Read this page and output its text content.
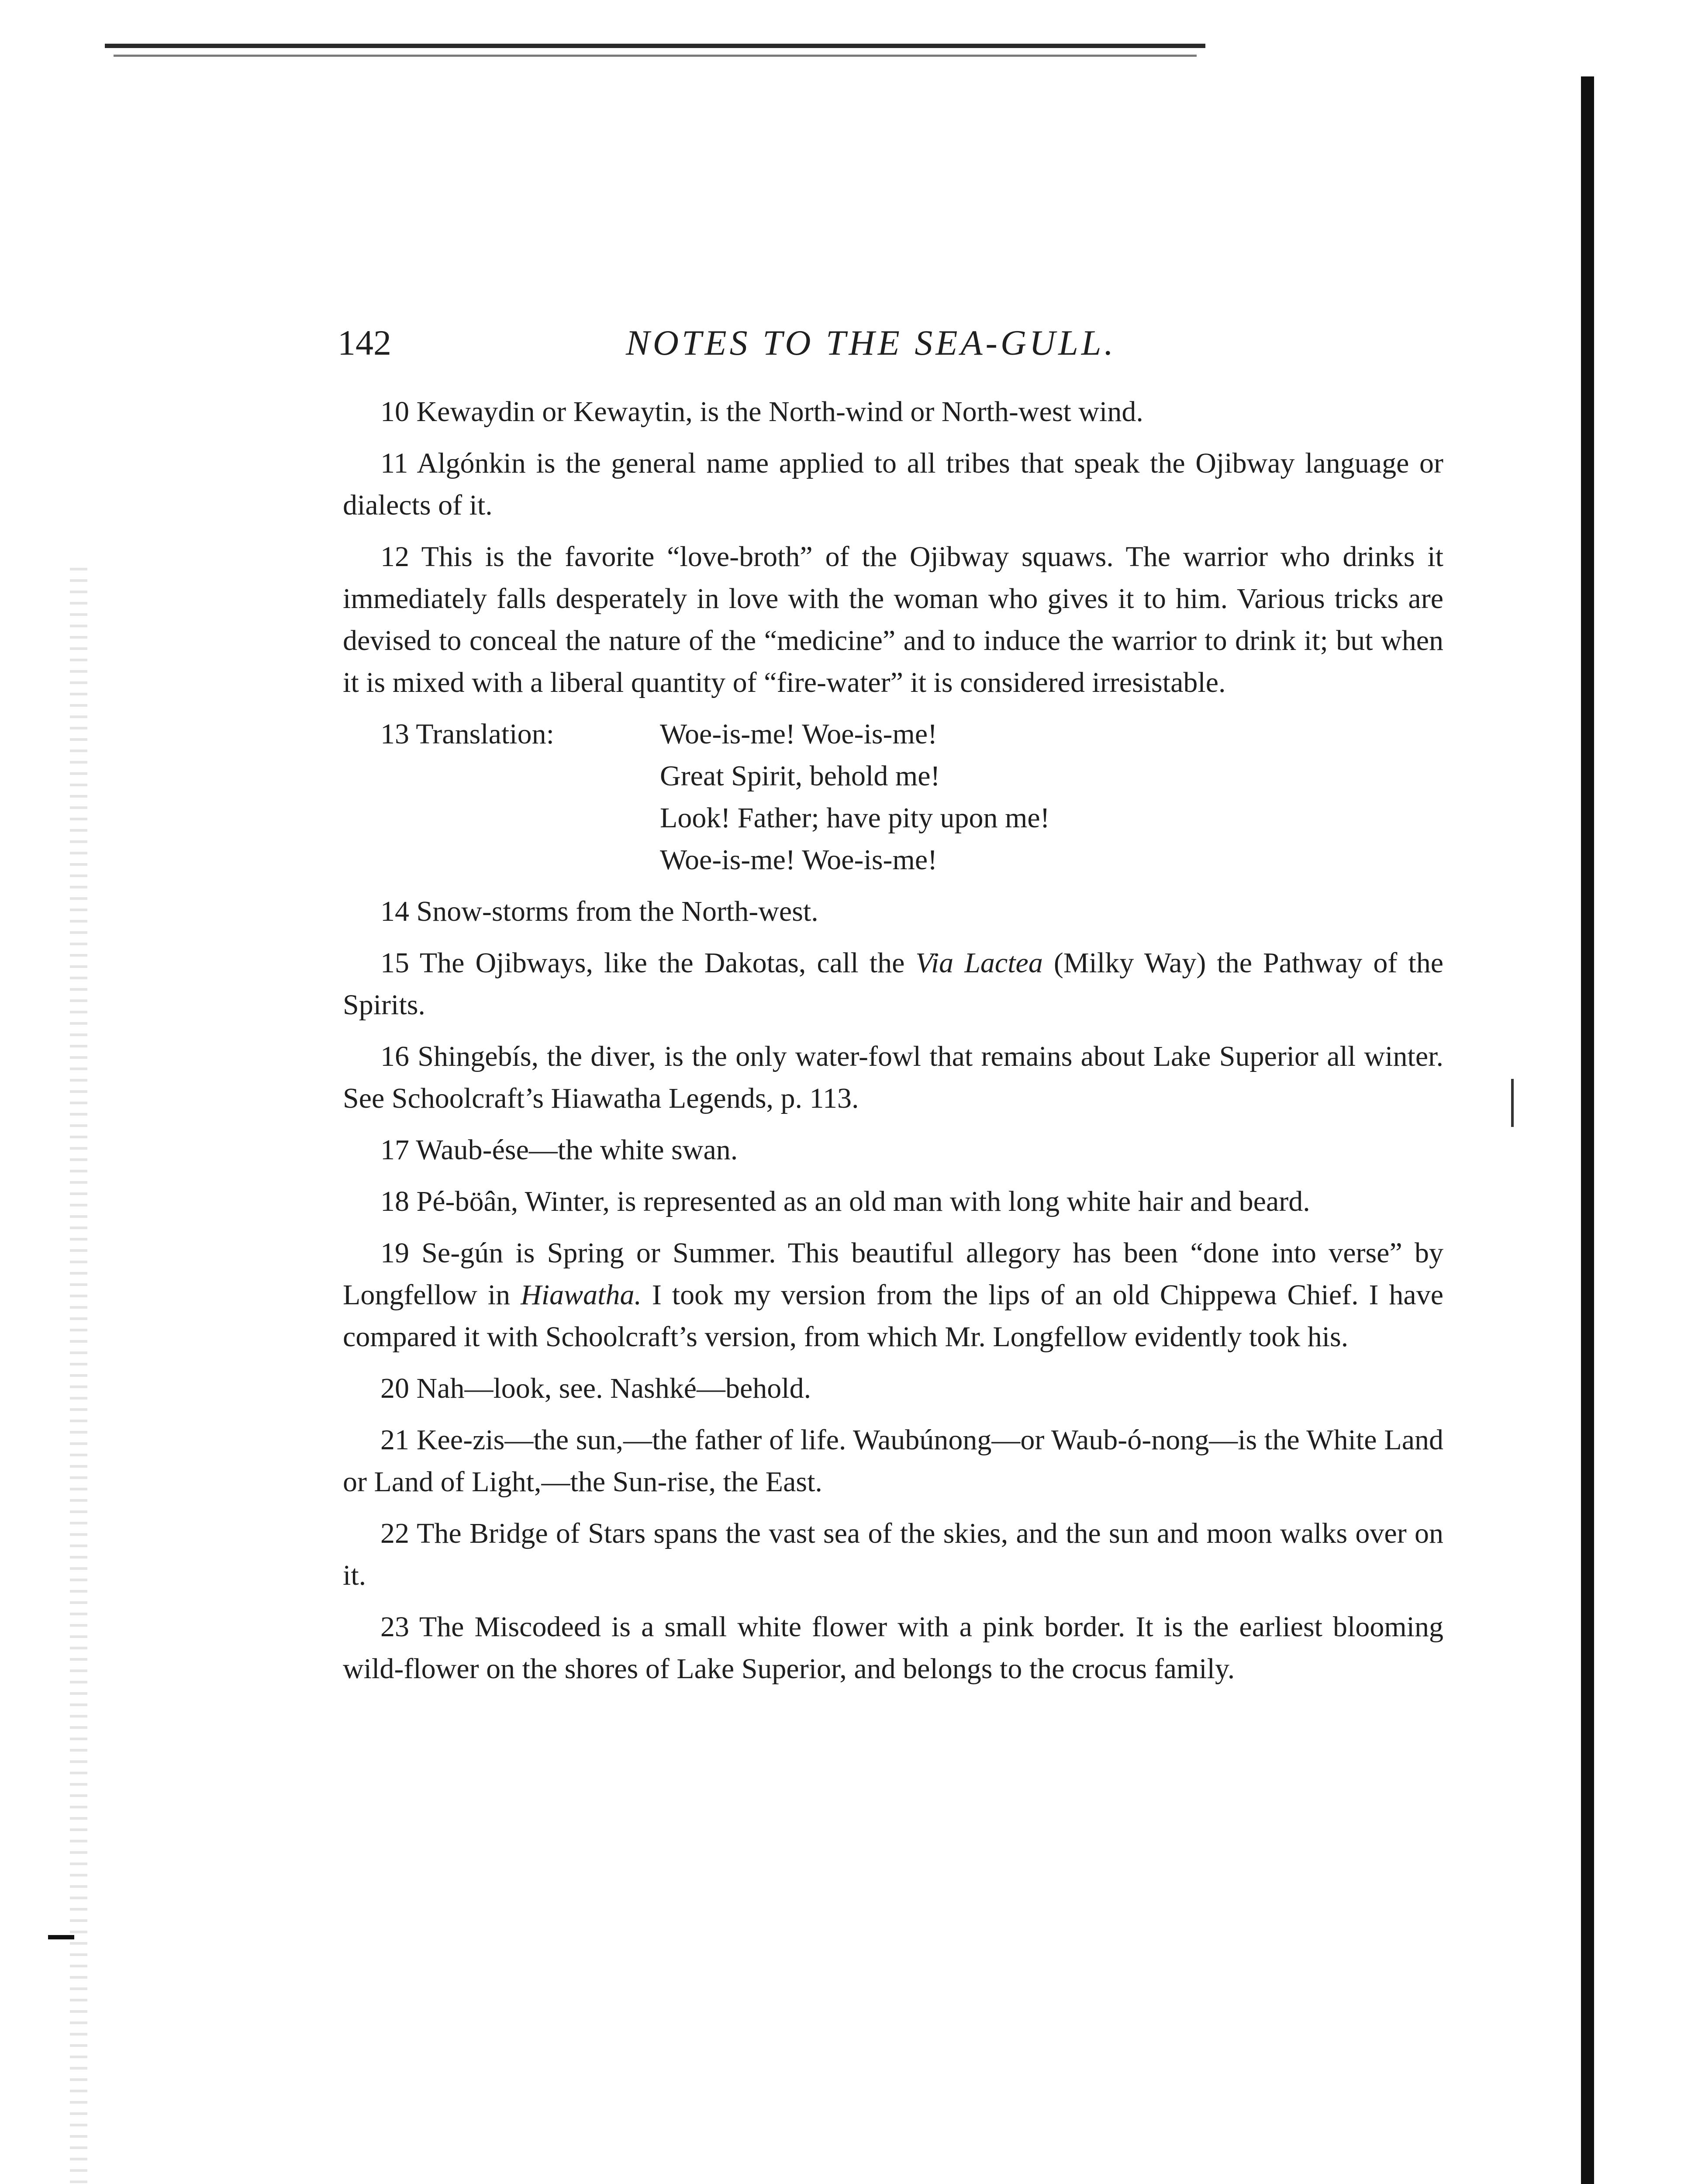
142	NOTES TO THE SEA-GULL.

10 Kewaydin or Kewaytin, is the North-wind or North-west wind.

11 Algónkin is the general name applied to all tribes that speak the Ojibway language or dialects of it.

12 This is the favorite “love-broth” of the Ojibway squaws. The warrior who drinks it immediately falls desperately in love with the woman who gives it to him. Various tricks are devised to conceal the nature of the “medicine” and to induce the warrior to drink it; but when it is mixed with a liberal quantity of “fire-water” it is considered irresistable.

13 Translation:	Woe-is-me! Woe-is-me!
Great Spirit, behold me!
Look! Father; have pity upon me!
Woe-is-me! Woe-is-me!

14 Snow-storms from the North-west.

15 The Ojibways, like the Dakotas, call the Via Lactea (Milky Way) the Pathway of the Spirits.

16 Shingebís, the diver, is the only water-fowl that remains about Lake Superior all winter. See Schoolcraft’s Hiawatha Legends, p. 113.

17 Waub-ése—the white swan.

18 Pé-böân, Winter, is represented as an old man with long white hair and beard.

19 Se-gún is Spring or Summer. This beautiful allegory has been “done into verse” by Longfellow in Hiawatha. I took my version from the lips of an old Chippewa Chief. I have compared it with Schoolcraft’s version, from which Mr. Longfellow evidently took his.

20 Nah—look, see. Nashké—behold.

21 Kee-zis—the sun,—the father of life. Waubúnong—or Waub-ó-nong—is the White Land or Land of Light,—the Sun-rise, the East.

22 The Bridge of Stars spans the vast sea of the skies, and the sun and moon walks over on it.

23 The Miscodeed is a small white flower with a pink border. It is the earliest blooming wild-flower on the shores of Lake Superior, and belongs to the crocus family.
